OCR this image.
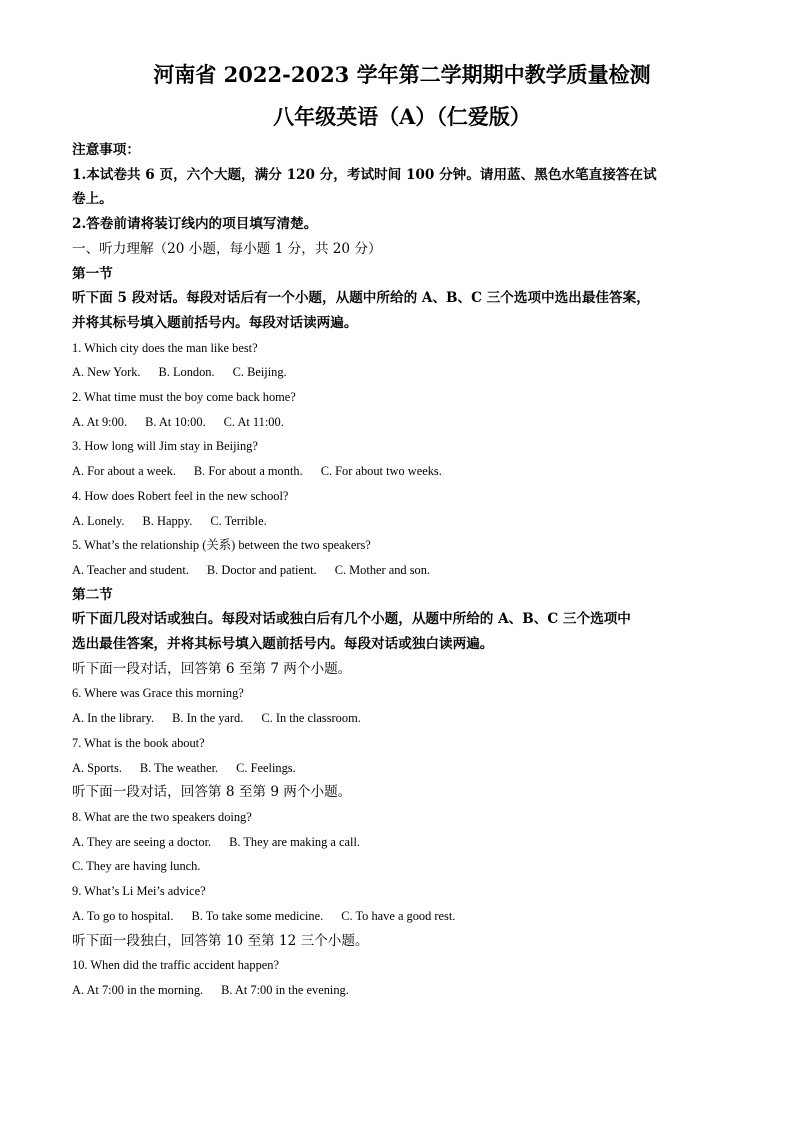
河南省 2022-2023 学年第二学期期中教学质量检测
八年级英语（A）（仁爱版）
注意事项：
1.本试卷共 6 页，六个大题，满分 120 分，考试时间 100 分钟。请用蓝、黑色水笔直接答在试
卷上。
2.答卷前请将装订线内的项目填写清楚。
一、听力理解（20 小题，每小题 1 分，共 20 分）
第一节
听下面 5 段对话。每段对话后有一个小题，从题中所给的 A、B、C 三个选项中选出最佳答案，
并将其标号填入题前括号内。每段对话读两遍。
1. Which city does the man like best?
A. New York. B. London. C. Beijing.
2. What time must the boy come back home?
A. At 9:00. B. At 10:00. C. At 11:00.
3. How long will Jim stay in Beijing?
A. For about a week. B. For about a month. C. For about two weeks.
4. How does Robert feel in the new school?
A. Lonely. B. Happy. C. Terrible.
5. What’s the relationship (关系) between the two speakers?
A. Teacher and student. B. Doctor and patient. C. Mother and son.
第二节
听下面几段对话或独白。每段对话或独白后有几个小题，从题中所给的 A、B、C 三个选项中
选出最佳答案，并将其标号填入题前括号内。每段对话或独白读两遍。
听下面一段对话，回答第 6 至第 7 两个小题。
6. Where was Grace this morning?
A. In the library. B. In the yard. C. In the classroom.
7. What is the book about?
A. Sports. B. The weather. C. Feelings.
听下面一段对话，回答第 8 至第 9 两个小题。
8. What are the two speakers doing?
A. They are seeing a doctor. B. They are making a call.
C. They are having lunch.
9. What’s Li Mei’s advice?
A. To go to hospital. B. To take some medicine. C. To have a good rest.
听下面一段独白，回答第 10 至第 12 三个小题。
10. When did the traffic accident happen?
A. At 7:00 in the morning. B. At 7:00 in the evening.
